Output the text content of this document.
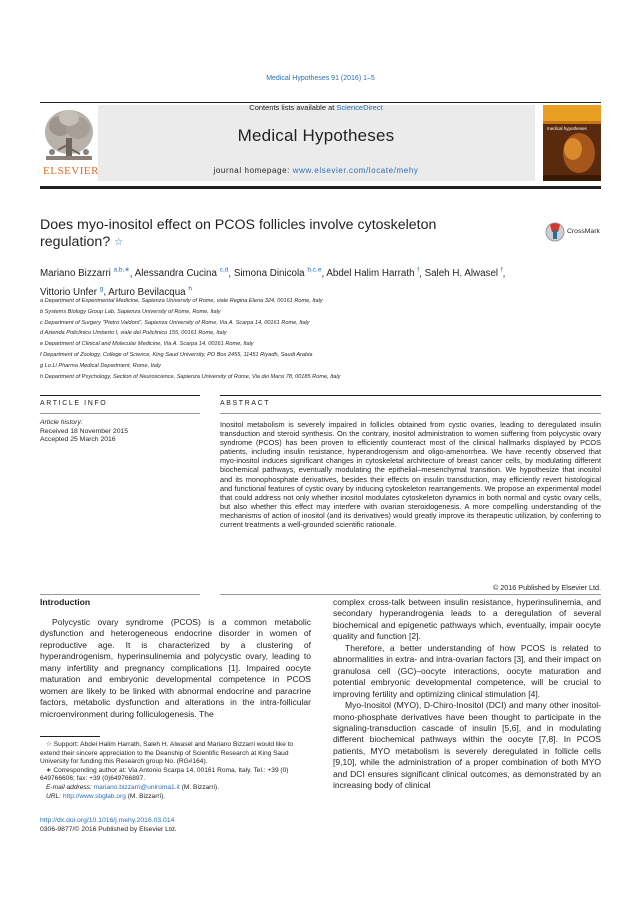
Medical Hypotheses 91 (2016) 1–5
Contents lists available at ScienceDirect
Medical Hypotheses
journal homepage: www.elsevier.com/locate/mehy
ELSEVIER
medical hypotheses
Does myo-inositol effect on PCOS follicles involve cytoskeleton
regulation? ☆
CrossMark
Mariano Bizzarri $^{a,b,∗}$, Alessandra Cucina $^{c,d}$, Simona Dinicola $^{b,c,e}$, Abdel Halim Harrath $^f$, Saleh H. Alwasel $^f$,
Vittorio Unfer $^g$, Arturo Bevilacqua $^h$
a Department of Experimental Medicine, Sapienza University of Rome, viale Regina Elena 324, 00161 Rome, Italy
b Systems Biology Group Lab, Sapienza University of Rome, Rome, Italy
c Department of Surgery "Pietro Valdoni", Sapienza University of Rome, Via A. Scarpa 14, 00161 Rome, Italy
d Azienda Policlinico Umberto I, viale del Policlinico 155, 00161 Rome, Italy
e Department of Clinical and Molecular Medicine, Via A. Scarpa 14, 00161 Rome, Italy
f Department of Zoology, College of Science, King Saud University, PO Box 2455, 11451 Riyadh, Saudi Arabia
g Lo.Li Pharma Medical Department, Rome, Italy
h Department of Psychology, Section of Neuroscience, Sapienza University of Rome, Via dei Marsi 78, 00185 Rome, Italy
ARTICLE INFO	ABSTRACT
Article history:
Received 18 November 2015
Accepted 25 March 2016
Inositol metabolism is severely impaired in follicles obtained from cystic ovaries, leading to deregulated insulin transduction and steroid synthesis. On the contrary, inositol administration to women suffering from polycystic ovary syndrome (PCOS) has been proven to efficiently counteract most of the clinical hallmarks displayed by PCOS patients, including insulin resistance, hyperandrogenism and oligo-amenorrhea. We have recently observed that myo-inositol induces significant changes in cytoskeletal architecture of breast cancer cells, by modulating different biochemical pathways, eventually modulating the epithelial–mesenchymal transition. We hypothesize that inositol and its monophosphate derivatives, besides their effects on insulin transduction, may efficiently revert histological and functional features of cystic ovary by inducing cytoskeleton rearrangements. We propose an experimental model that could address not only whether inositol modulates cytoskeleton dynamics in both normal and cystic ovary cells, but also whether this effect may interfere with ovarian steroidogenesis. A more compelling understanding of the mechanisms of action of inositol (and its derivatives) would greatly improve its therapeutic utilization, by conferring to current treatments a well-grounded scientific rationale.
© 2016 Published by Elsevier Ltd.
Introduction

Polycystic ovary syndrome (PCOS) is a common metabolic dysfunction and heterogeneous endocrine disorder in women of reproductive age. It is characterized by a clustering of hyperandrogenism, hyperinsulinemia and polycystic ovary, leading to many infertility and pregnancy complications [1]. Impaired oocyte maturation and embryonic developmental competence in PCOS women are likely to be linked with abnormal endocrine and paracrine factors, metabolic dysfunction and alterations in the intra-follicular microenvironment during folliculogenesis. The

☆ Support: Abdel Halim Harrath, Saleh H. Alwasel and Mariano Bizzarri would like to extend their sincere appreciation to the Deanship of Scientific Research at King Saud University for funding this Research group No. (RG#164).

∗ Corresponding author at: Via Antonio Scarpa 14, 00161 Roma, Italy. Tel.: +39 (0) 649766606; fax: +39 (0)649766897.

E-mail address: mariano.bizzarri@uniroma1.it (M. Bizzarri).

URL: http://www.sbglab.org (M. Bizzarri).

http://dx.doi.org/10.1016/j.mehy.2016.03.014
0306-9877/© 2016 Published by Elsevier Ltd.

complex cross-talk between insulin resistance, hyperinsulinemia, and secondary hyperandrogenia leads to a deregulation of several biochemical and epigenetic pathways which, eventually, impair oocyte quality and function [2].

Therefore, a better understanding of how PCOS is related to abnormalities in extra- and intra-ovarian factors [3], and their impact on granulosa cell (GC)–oocyte interactions, oocyte maturation and potential embryonic developmental competence, will be crucial to improving fertility and optimizing clinical stimulation [4].

Myo-Inositol (MYO), D-Chiro-Inositol (DCI) and many other inositol-mono-phosphate derivatives have been thought to participate in the signaling-transduction cascade of insulin [5,6], and in modulating different biochemical pathways within the oocyte [7,8]. In PCOS patients, MYO metabolism is severely deregulated in follicle cells [9,10], while the administration of a proper combination of both MYO and DCI ensures significant clinical outcomes, as demonstrated by an increasing body of clinical
